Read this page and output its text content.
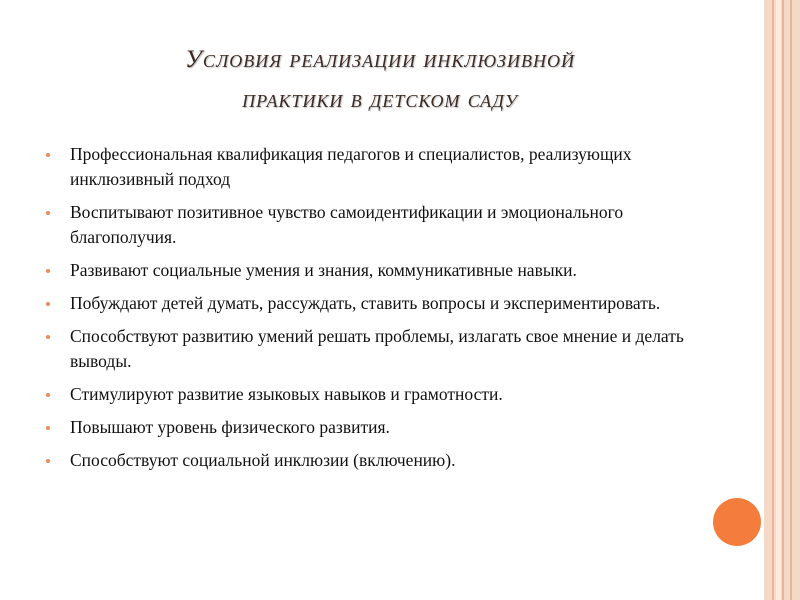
Условия реализации инклюзивной
практики в детском саду
Профессиональная квалификация педагогов и специалистов, реализующих инклюзивный подход
Воспитывают позитивное чувство самоидентификации и эмоционального благополучия.
Развивают социальные умения и знания, коммуникативные навыки.
Побуждают детей думать, рассуждать, ставить вопросы и экспериментировать.
Способствуют развитию умений решать проблемы, излагать свое мнение и делать выводы.
Стимулируют развитие языковых навыков и грамотности.
Повышают уровень физического развития.
Способствуют социальной инклюзии (включению).
